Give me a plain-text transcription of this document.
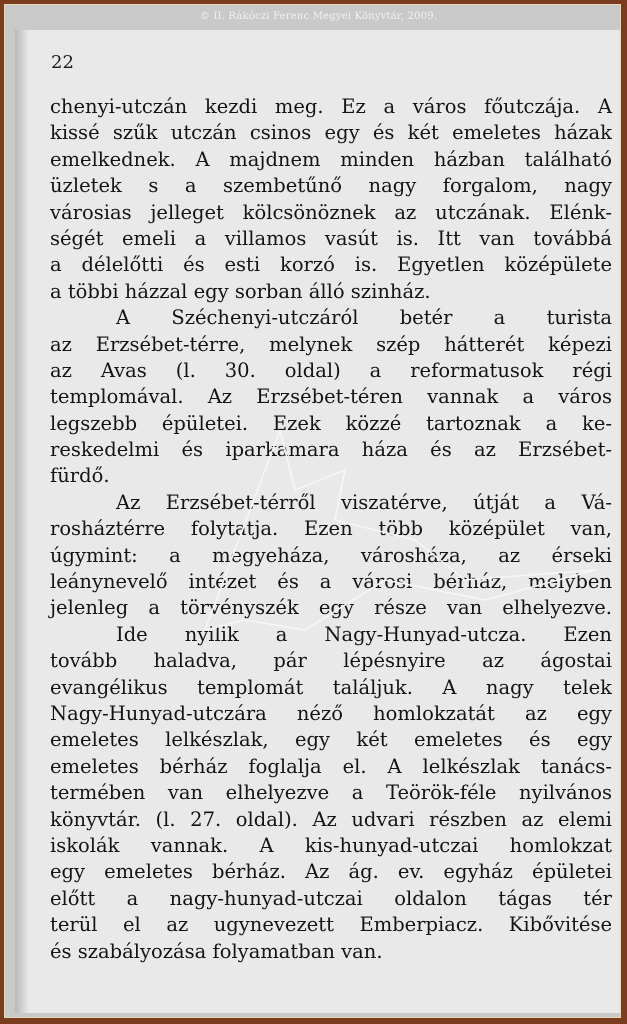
© II. Rákóczi Ferenc Megyei Könyvtár, 2009.
22
chenyi-utczán kezdi meg. Ez a város főutczája. A
kissé szűk utczán csinos egy és két emeletes házak
emelkednek. A majdnem minden házban található
üzletek s a szembetűnő nagy forgalom, nagy
városias jelleget kölcsönöznek az utczának. Elénk-
ségét emeli a villamos vasút is. Itt van továbbá
a délelőtti és esti korzó is. Egyetlen középülete
a többi házzal egy sorban álló szinház.
A Széchenyi-utczáról betér a turista
az Erzsébet-térre, melynek szép hátterét képezi
az Avas (l. 30. oldal) a reformatusok régi
templomával. Az Erzsébet-téren vannak a város
legszebb épületei. Ezek közzé tartoznak a ke-
reskedelmi és iparkamara háza és az Erzsébet-
fürdő.
Az Erzsébet-térről viszatérve, útját a Vá-
rosháztérre folytatja. Ezen több középület van,
úgymint: a megyeháza, városháza, az érseki
leánynevelő intézet és a városi bérház, melyben
jelenleg a törvényszék egy része van elhelyezve.
Ide nyilik a Nagy-Hunyad-utcza. Ezen
tovább haladva, pár lépésnyire az ágostai
evangélikus templomát találjuk. A nagy telek
Nagy-Hunyad-utczára néző homlokzatát az egy
emeletes lelkészlak, egy két emeletes és egy
emeletes bérház foglalja el. A lelkészlak tanács-
termében van elhelyezve a Teörök-féle nyilvános
könyvtár. (l. 27. oldal). Az udvari részben az elemi
iskolák vannak. A kis-hunyad-utczai homlokzat
egy emeletes bérház. Az ág. ev. egyház épületei
előtt a nagy-hunyad-utczai oldalon tágas tér
terül el az ugynevezett Emberpiacz. Kibővitése
és szabályozása folyamatban van.
